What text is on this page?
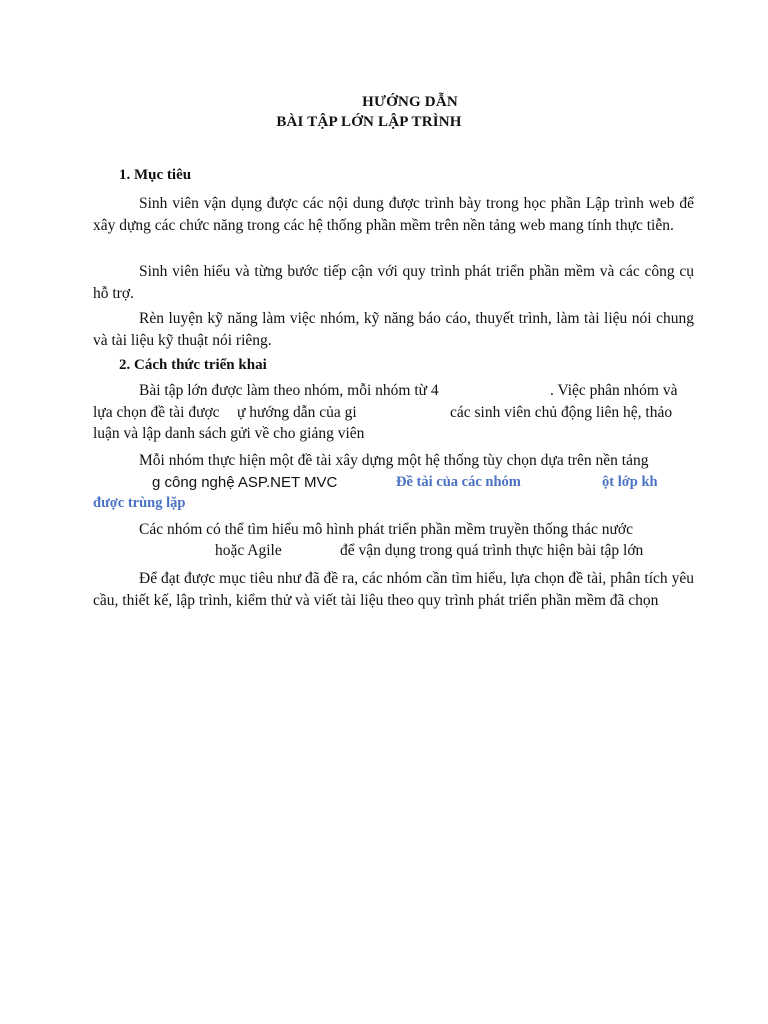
HƯỚNG DẪN
BÀI TẬP LỚN LẬP TRÌNH
1. Mục tiêu
Sinh viên vận dụng được các nội dung được trình bày trong học phần Lập trình web để xây dựng các chức năng trong các hệ thống phần mềm trên nền tảng web mang tính thực tiễn.
Sinh viên hiểu và từng bước tiếp cận với quy trình phát triển phần mềm và các công cụ hỗ trợ.
Rèn luyện kỹ năng làm việc nhóm, kỹ năng báo cáo, thuyết trình, làm tài liệu nói chung và tài liệu kỹ thuật nói riêng.
2. Cách thức triển khai
Bài tập lớn được làm theo nhóm, mỗi nhóm từ 4	. Việc phân nhóm và
lựa chọn đề tài được ự hướng dẫn của gi	các sinh viên chủ động liên hệ, thảo
luận và lập danh sách gửi về cho giảng viên
Mỗi nhóm thực hiện một đề tài xây dựng một hệ thống tùy chọn dựa trên nền tảng
g công nghệ ASP.NET MVC	Đề tài của các nhóm	ột lớp kh
được trùng lặp
Các nhóm có thể tìm hiểu mô hình phát triển phần mềm truyền thống thác nước
hoặc Agile	để vận dụng trong quá trình thực hiện bài tập lớn
Để đạt được mục tiêu như đã đề ra, các nhóm cần tìm hiểu, lựa chọn đề tài, phân tích yêu cầu, thiết kế, lập trình, kiểm thử và viết tài liệu theo quy trình phát triển phần mềm đã chọn
